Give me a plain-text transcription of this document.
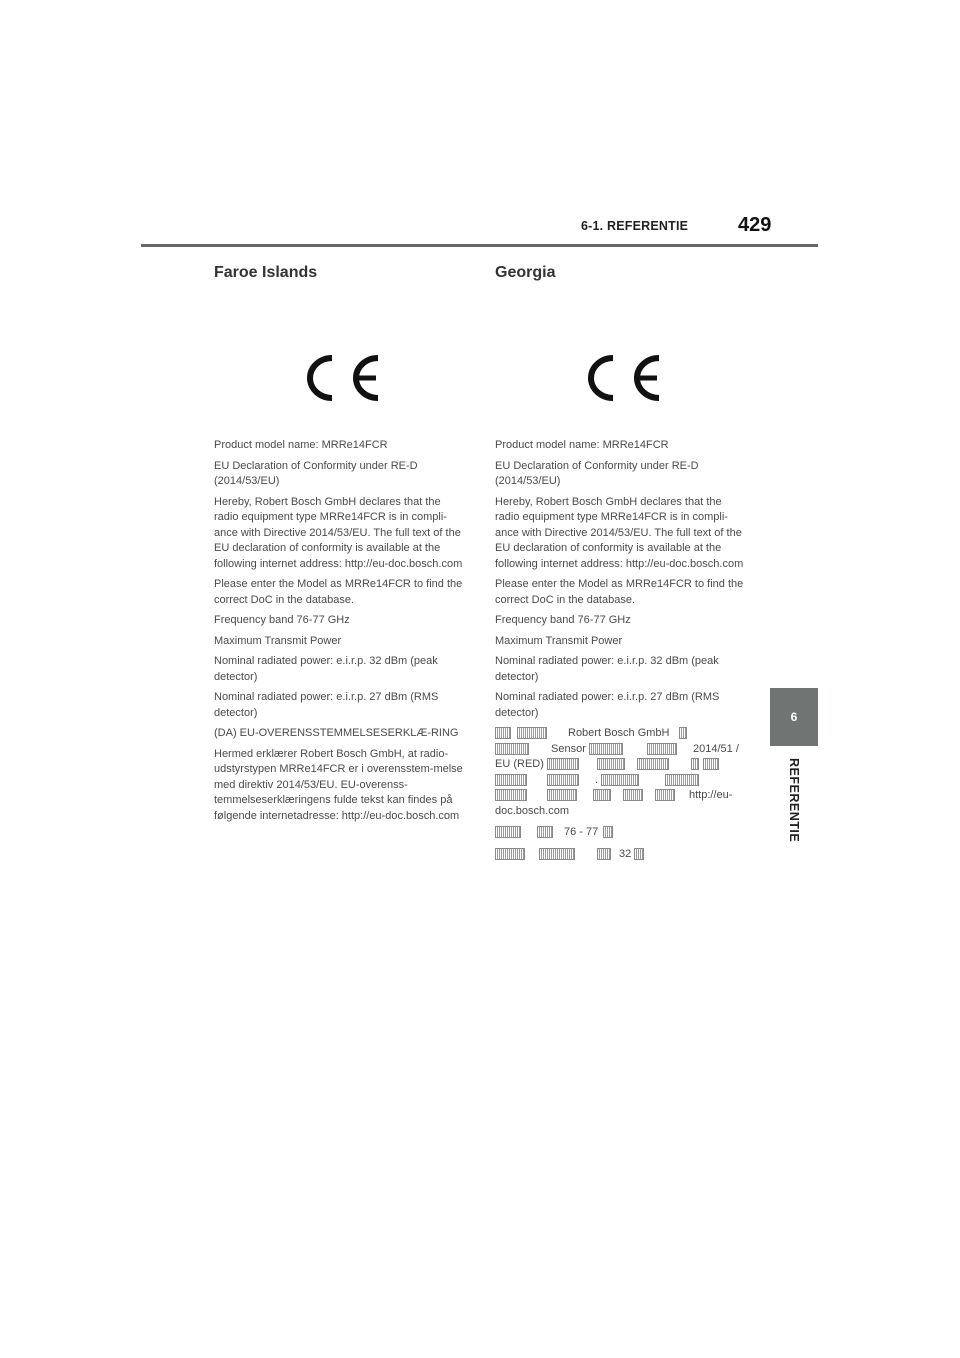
6-1. REFERENTIE 429
6
REFERENTIE
Faroe Islands

Product model name: MRRe14FCR

EU Declaration of Conformity under RE-D (2014/53/EU)

Hereby, Robert Bosch GmbH declares that the radio equipment type MRRe14FCR is in compli-ance with Directive 2014/53/EU. The full text of the EU declaration of conformity is available at the following internet address: http://eu-doc.bosch.com

Please enter the Model as MRRe14FCR to find the correct DoC in the database.

Frequency band 76-77 GHz

Maximum Transmit Power

Nominal radiated power: e.i.r.p. 32 dBm (peak detector)

Nominal radiated power: e.i.r.p. 27 dBm (RMS detector)

(DA) EU-OVERENSSTEMMELSESERKLÆ-RING

Hermed erklærer Robert Bosch GmbH, at radio-udstyrstypen MRRe14FCR er i overensstem-melse med direktiv 2014/53/EU. EU-overenss-temmelseserklæringens fulde tekst kan findes på følgende internetadresse: http://eu-doc.bosch.com

Georgia

Product model name: MRRe14FCR

EU Declaration of Conformity under RE-D (2014/53/EU)

Hereby, Robert Bosch GmbH declares that the radio equipment type MRRe14FCR is in compli-ance with Directive 2014/53/EU. The full text of the EU declaration of conformity is available at the following internet address: http://eu-doc.bosch.com

Please enter the Model as MRRe14FCR to find the correct DoC in the database.

Frequency band 76-77 GHz

Maximum Transmit Power

Nominal radiated power: e.i.r.p. 32 dBm (peak detector)

Nominal radiated power: e.i.r.p. 27 dBm (RMS detector)

Robert Bosch GmbH
Sensor	2014/51 /
EU (RED)
.
http://eu-
doc.bosch.com
76 - 77
32
